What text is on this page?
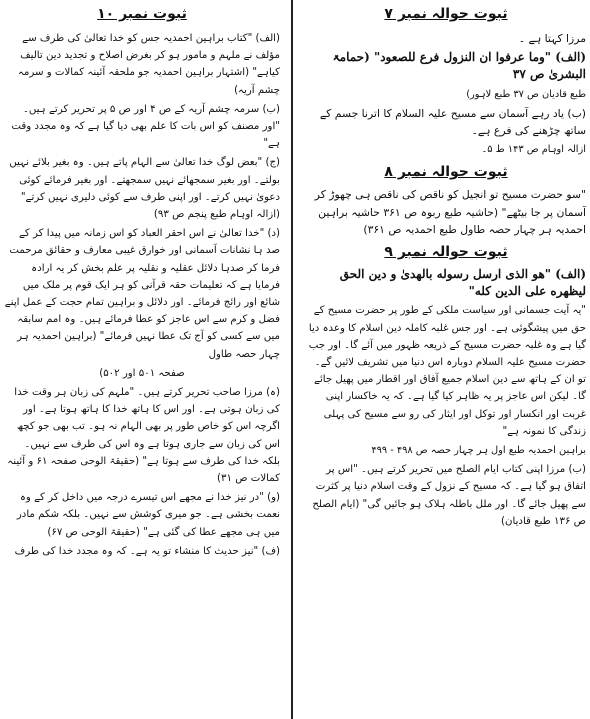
ثبوت حوالہ نمبر ۷
مرزا کہتا ہے ۔
(الف) "وما عرفوا ان النزول فرع للصعود" (حمامۃ البشریٰ ص ۳۷
طبع قادیان ص ۳۷ طبع لاہور)
(ب) یاد رہے آسمان سے مسیح علیہ السلام کا اترنا جسم کے ساتھ چڑھنے کی فرع ہے۔
ازالہ اوہام ص ۱۴۳ ط ۵۔
ثبوت حوالہ نمبر ۸
"سو حضرت مسیح تو انجیل کو ناقص کی ناقص ہی چھوڑ کر آسمان پر جا بیٹھے" (حاشیہ طبع ربوہ ص ۳۶۱ حاشیہ براہین احمدیہ ہر چہار حصہ طاول طبع احمدیہ ص ۳۶۱)
ثبوت حوالہ نمبر ۹
(الف) "هو الذی ارسل رسوله بالهدیٰ و دین الحق لیظهره علی الدین کله"
"یہ آیت جسمانی اور سیاست ملکی کے طور پر حضرت مسیح کے حق میں پیشگوئی ہے۔ اور جس غلبہ کاملہ دین اسلام کا وعدہ دیا گیا ہے وہ غلبہ حضرت مسیح کے ذریعہ ظہور میں آئے گا۔ اور جب حضرت مسیح علیہ السلام دوبارہ اس دنیا میں تشریف لائیں گے۔ تو ان کے ہاتھ سے دین اسلام جمیع آفاق اور اقطار میں پھیل جائے گا۔ لیکن اس عاجز پر یہ ظاہر کیا گیا ہے۔ کہ یہ خاکسار اپنی غربت اور انکسار اور توکل اور ایثار کی رو سے مسیح کی پہلی زندگی کا نمونہ ہے"
براہین احمدیہ طبع اول ہر چہار حصہ ص ۴۹۸ - ۴۹۹
(ب) مرزا اپنی کتاب ایام الصلح میں تحریر کرتے ہیں۔ "اس پر اتفاق ہو گیا ہے۔ کہ مسیح کے نزول کے وقت اسلام دنیا پر کثرت سے پھیل جائے گا۔ اور ملل باطلہ ہلاک ہو جائیں گی" (ایام الصلح ص ۱۳۶ طبع قادیان)
ثبوت نمبر ۱۰
(الف) "کتاب براہین احمدیہ جس کو خدا تعالیٰ کی طرف سے مؤلف نے ملہم و مامور ہو کر بغرض اصلاح و تجدید دین تالیف کیاہے" (اشتہار براہین احمدیہ جو ملحقہ آئینہ کمالات و سرمہ چشم آریہ)
(ب) سرمہ چشم آریہ کے ص ۴ اور ص ۵ پر تحریر کرتے ہیں۔ "اور مصنف کو اس بات کا علم بھی دیا گیا ہے کہ وہ مجدد وقت ہے"
(ج) "بعض لوگ خدا تعالیٰ سے الہام پاتے ہیں۔ وہ بغیر بلائے نہیں بولتے۔ اور بغیر سمجھائے نہیں سمجھتے۔ اور بغیر فرمائے کوئی دعویٰ نہیں کرتے۔ اور اپنی طرف سے کوئی دلیری نہیں کرتے" (ازالہ اوہام طبع پنجم ص ۹۳)
(د) "خدا تعالیٰ نے اس احقر العباد کو اس زمانہ میں پیدا کر کے صد ہا نشانات آسمانی اور خوارق غیبی معارف و حقائق مرحمت فرما کر صدہا دلائل عقلیہ و نقلیہ پر علم بخش کر یہ ارادہ فرمایا ہے کہ تعلیمات حقہ قرآنی کو ہر ایک قوم پر ملک میں شائع اور رائج فرمائے۔ اور دلائل و براہین تمام حجت کے عمل اپنے فضل و کرم سے اس عاجز کو عطا فرمائے ہیں۔ وہ امم سابقہ میں سے کسی کو آج تک عطا نہیں فرمائے" (براہین احمدیہ ہر چہار حصہ طاول
صفحہ ۵۰۱ اور ۵۰۲)
(ہ) مرزا صاحب تحریر کرتے ہیں۔ "ملہم کی زبان ہر وقت خدا کی زبان ہوتی ہے۔ اور اس کا ہاتھ خدا کا ہاتھ ہوتا ہے۔ اور اگرچہ اس کو خاص طور پر بھی الہام نہ ہو۔ تب بھی جو کچھ اس کی زبان سے جاری ہوتا ہے وہ اس کی طرف سے نہیں۔ بلکہ خدا کی طرف سے ہوتا ہے" (حقیقۃ الوحی صفحہ ۶۱ و آئینہ کمالات ص ۳۱)
(و) "در نیز خدا نے مجھے اس تیسرے درجہ میں داخل کر کے وہ نعمت بخشی ہے۔ جو میری کوشش سے نہیں۔ بلکہ شکم مادر میں ہی مجھے عطا کی گئی ہے" (حقیقۃ الوحی ص ۶۷)
(ف) "نیز حدیث کا منشاء تو یہ ہے۔ کہ وہ مجدد خدا کی طرف
